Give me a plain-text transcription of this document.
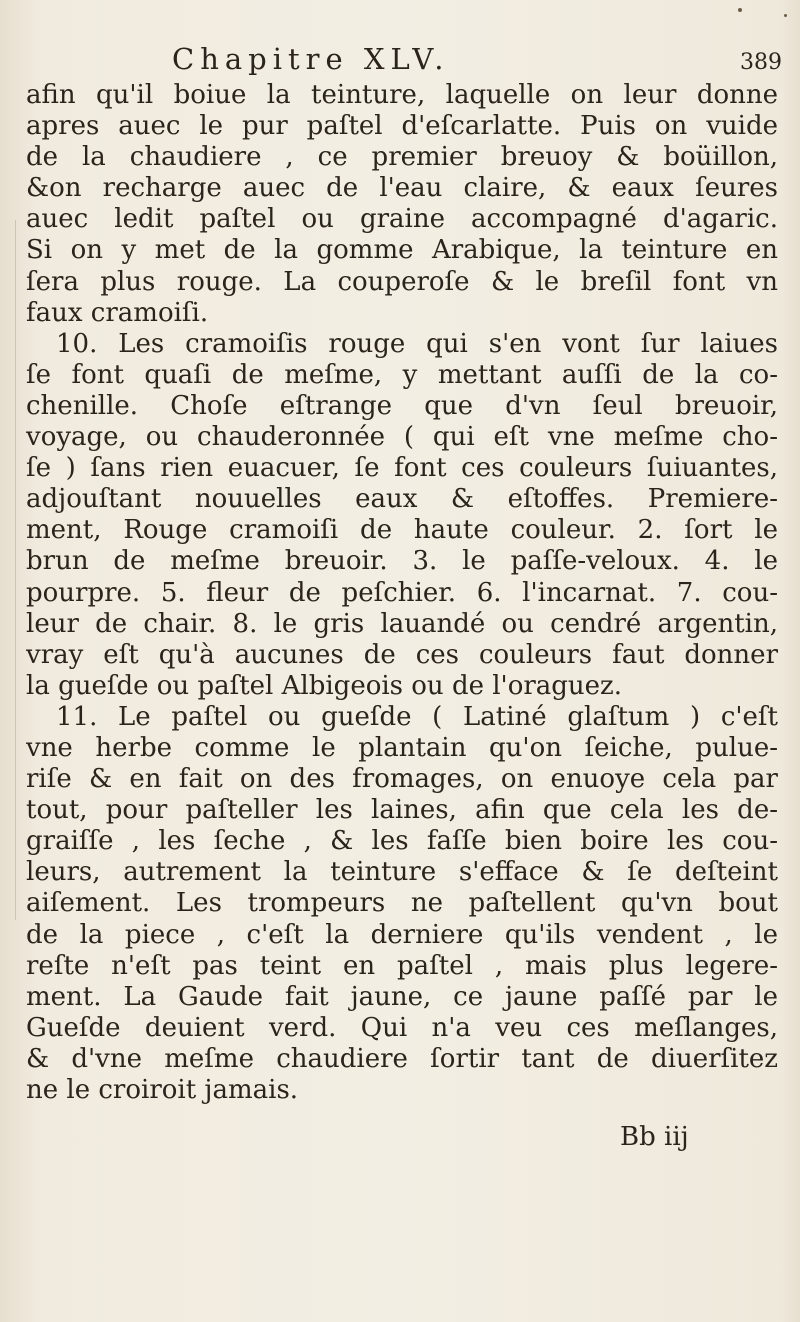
Chapitre XLV.	389
afin qu'il boiue la teinture, laquelle on leur donne
apres auec le pur paſtel d'eſcarlatte. Puis on vuide
de la chaudiere , ce premier breuoy & boüillon,
&on recharge auec de l'eau claire, & eaux ſeures
auec ledit paſtel ou graine accompagné d'agaric.
Si on y met de la gomme Arabique, la teinture en
ſera plus rouge. La couperoſe & le breſil font vn
faux cramoiſi.
10. Les cramoiſis rouge qui s'en vont ſur laiues
ſe font quaſi de meſme, y mettant auſſi de la co-
chenille. Choſe eſtrange que d'vn ſeul breuoir,
voyage, ou chauderonnée ( qui eſt vne meſme cho-
ſe ) ſans rien euacuer, ſe font ces couleurs ſuiuantes,
adjouſtant nouuelles eaux & eſtoffes. Premiere-
ment, Rouge cramoiſi de haute couleur. 2. ſort le
brun de meſme breuoir. 3. le paſſe-veloux. 4. le
pourpre. 5. fleur de peſchier. 6. l'incarnat. 7. cou-
leur de chair. 8. le gris lauandé ou cendré argentin,
vray eſt qu'à aucunes de ces couleurs faut donner
la gueſde ou paſtel Albigeois ou de l'oraguez.
11. Le paſtel ou gueſde ( Latiné glaſtum ) c'eſt
vne herbe comme le plantain qu'on ſeiche, pulue-
riſe & en fait on des fromages, on enuoye cela par
tout, pour paſteller les laines, afin que cela les de-
graiſſe , les ſeche , & les faſſe bien boire les cou-
leurs, autrement la teinture s'efface & ſe deſteint
aiſement. Les trompeurs ne paſtellent qu'vn bout
de la piece , c'eſt la derniere qu'ils vendent , le
reſte n'eſt pas teint en paſtel , mais plus legere-
ment. La Gaude fait jaune, ce jaune paſſé par le
Gueſde deuient verd. Qui n'a veu ces meſlanges,
& d'vne meſme chaudiere ſortir tant de diuerſitez
ne le croiroit jamais.
Bb iij
